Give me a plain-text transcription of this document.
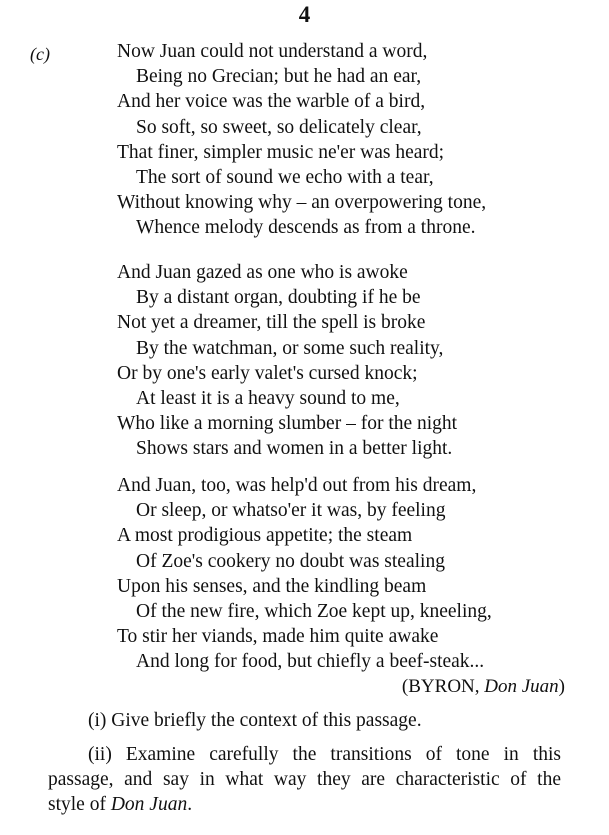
4
(c)	Now Juan could not understand a word,
Being no Grecian; but he had an ear,
And her voice was the warble of a bird,
So soft, so sweet, so delicately clear,
That finer, simpler music ne'er was heard;
The sort of sound we echo with a tear,
Without knowing why – an overpowering tone,
Whence melody descends as from a throne.
And Juan gazed as one who is awoke
By a distant organ, doubting if he be
Not yet a dreamer, till the spell is broke
By the watchman, or some such reality,
Or by one's early valet's cursed knock;
At least it is a heavy sound to me,
Who like a morning slumber – for the night
Shows stars and women in a better light.
And Juan, too, was help'd out from his dream,
Or sleep, or whatso'er it was, by feeling
A most prodigious appetite; the steam
Of Zoe's cookery no doubt was stealing
Upon his senses, and the kindling beam
Of the new fire, which Zoe kept up, kneeling,
To stir her viands, made him quite awake
And long for food, but chiefly a beef-steak...
(BYRON, Don Juan)
(i) Give briefly the context of this passage.
(ii) Examine carefully the transitions of tone in this
passage, and say in what way they are characteristic of the
style of Don Juan.
